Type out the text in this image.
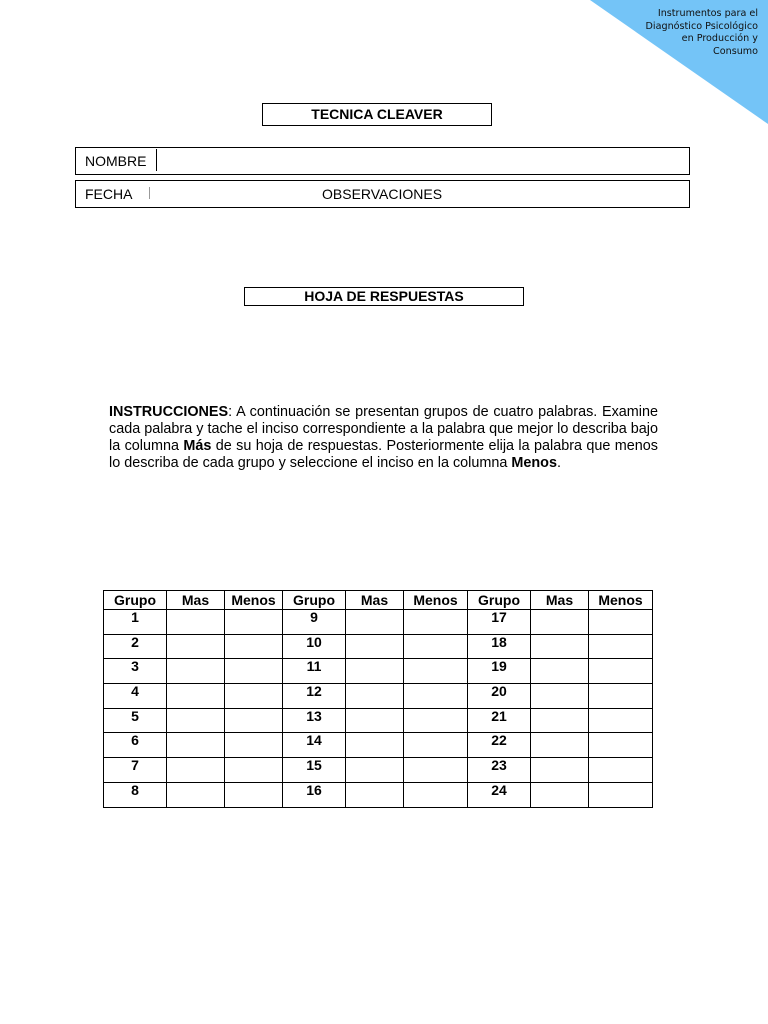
Instrumentos para el
Diagnóstico Psicológico
en Producción y
Consumo
TECNICA CLEAVER
NOMBRE
FECHA	OBSERVACIONES
HOJA DE RESPUESTAS
INSTRUCCIONES: A continuación se presentan grupos de cuatro palabras. Examine cada palabra y tache el inciso correspondiente a la palabra que mejor lo describa bajo la columna Más de su hoja de respuestas. Posteriormente elija la palabra que menos lo describa de cada grupo y seleccione el inciso en la columna Menos.
Grupo	Mas	Menos	Grupo	Mas	Menos	Grupo	Mas	Menos
1			9			17		
2			10			18		
3			11			19		
4			12			20		
5			13			21		
6			14			22		
7			15			23		
8			16			24		
